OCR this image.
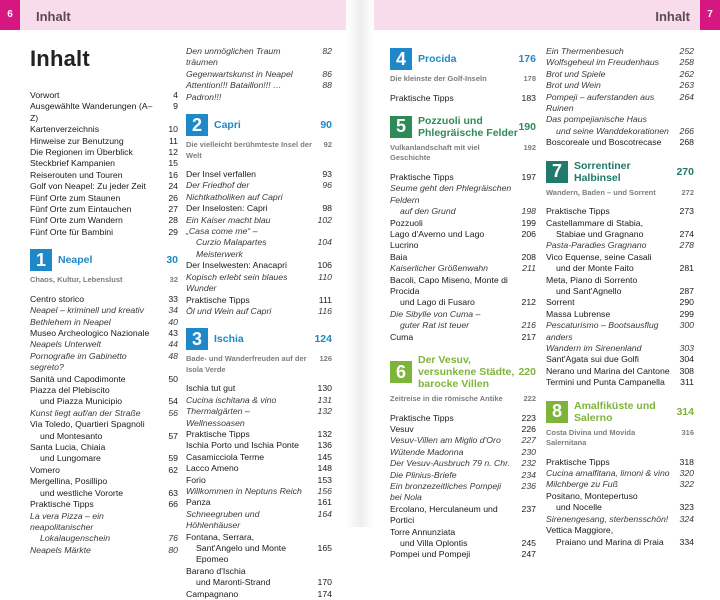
6	Inhalt	Inhalt	7
Inhalt
Vorwort	4
Ausgewählte Wanderungen (A–Z)
9
Kartenverzeichnis	10
Hinweise zur Benutzung	11
Die Regionen im Überblick	12
Steckbrief Kampanien	15
Reiserouten und Touren	16
Golf von Neapel: Zu jeder Zeit	24
Fünf Orte zum Staunen	26
Fünf Orte zum Eintauchen	27
Fünf Orte zum Wandern	28
Fünf Orte für Bambini	29
1	Neapel	30
Chaos, Kultur, Lebenslust	32
Centro storico	33
Neapel – kriminell und kreativ	34
Bethlehem in Neapel	40
Museo Archeologico Nazionale	43
Neapels Unterwelt	44
Pornografie im Gabinetto segreto?
48
Sanità und Capodimonte	50
Piazza del Plebiscito
und Piazza Municipio	54
Kunst liegt auf/an der Straße	56
Via Toledo, Quartieri Spagnoli
und Montesanto	57
Santa Lucia, Chiaia
und Lungomare	59
Vomero	62
Mergellina, Posillipo
und westliche Vororte	63
Praktische Tipps	66
La vera Pizza – ein neapolitanischer
Lokalaugenschein	76
Neapels Märkte	80
Den unmöglichen Traum träumen
82
Gegenwartskunst in Neapel	86
Attention!!! Bataillon!!! … Padron!!!
88
2	Capri	90
Die vielleicht berühmteste Insel der Welt
92
Der Insel verfallen	93
Der Friedhof der Nichtkatholiken auf Capri
96
Der Inselosten: Capri	98
Ein Kaiser macht blau	102
„Casa come me“ –
Curzio Malapartes Meisterwerk
104
Der Inselwesten: Anacapri	106
Kopisch erlebt sein blaues Wunder
110
Praktische Tipps	111
Öl und Wein auf Capri	116
3	Ischia	124
Bade- und Wanderfreuden auf der Isola Verde
126
Ischia tut gut	130
Cucina ischitana & vino	131
Thermalgärten – Wellnessoasen
132
Praktische Tipps	132
Ischia Porto und Ischia Ponte	136
Casamicciola Terme	145
Lacco Ameno	148
Forio	153
Willkommen in Neptuns Reich	156
Panza	161
Schneegruben und Höhlenhäuser
164
Fontana, Serrara,
Sant'Angelo und Monte Epomeo
165
Barano d'Ischia
und Maronti-Strand	170
Campagnano	174
4	Procida	176
Die kleinste der Golf-Inseln	178
Praktische Tipps	183
5	Pozzuoli und Phlegräische Felder 190
Vulkanlandschaft mit viel Geschichte
192
Praktische Tipps	197
Seume geht den Phlegräischen Feldern
auf den Grund	198
Pozzuoli	199
Lago d'Averno und Lago Lucrino
206
Baia	208
Kaiserlicher Größenwahn	211
Bacoli, Capo Miseno, Monte di Procida
und Lago di Fusaro	212
Die Sibylle von Cuma –
guter Rat ist teuer	216
Cuma	217
6
Der Vesuv, versunkene Städte, barocke Villen
220
Zeitreise in die römische Antike	222
Praktische Tipps	223
Vesuv	226
Vesuv-Villen am Miglio d'Oro	227
Wütende Madonna	230
Der Vesuv-Ausbruch 79 n. Chr.	232
Die Plinius-Briefe	234
Ein bronzezeitliches Pompeji bei Nola
236
Ercolano, Herculaneum und Portici
237
Torre Annunziata
und Villa Oplontis	245
Pompei und Pompeji	247
Ein Thermenbesuch	252
Wolfsgeheul im Freudenhaus	258
Brot und Spiele	262
Brot und Wein	263
Pompeji – auferstanden aus Ruinen
264
Das pompejianische Haus
und seine Wanddekorationen	266
Boscoreale und Boscotrecase	268
7	Sorrentiner Halbinsel	270
Wandern, Baden – und Sorrent	272
Praktische Tipps	273
Castellammare di Stabia,
Stabiae und Gragnano	274
Pasta-Paradies Gragnano	278
Vico Equense, seine Casali
und der Monte Faito	281
Meta, Piano di Sorrento
und Sant'Agnello	287
Sorrent	290
Massa Lubrense	299
Pescaturismo – Bootsausflug anders
300
Wandern im Sirenenland	303
Sant'Agata sui due Golfi	304
Nerano und Marina del Cantone	308
Termini und Punta Campanella	311
8	Amalfiküste und Salerno	314
Costa Divina und Movida Salernitana
316
Praktische Tipps	318
Cucina amalfitana, limoni & vino	320
Milchberge zu Fuß	322
Positano, Montepertuso
und Nocelle	323
Sirenengesang, sterbensschön!	324
Vettica Maggiore,
Praiano und Marina di Praia	334
